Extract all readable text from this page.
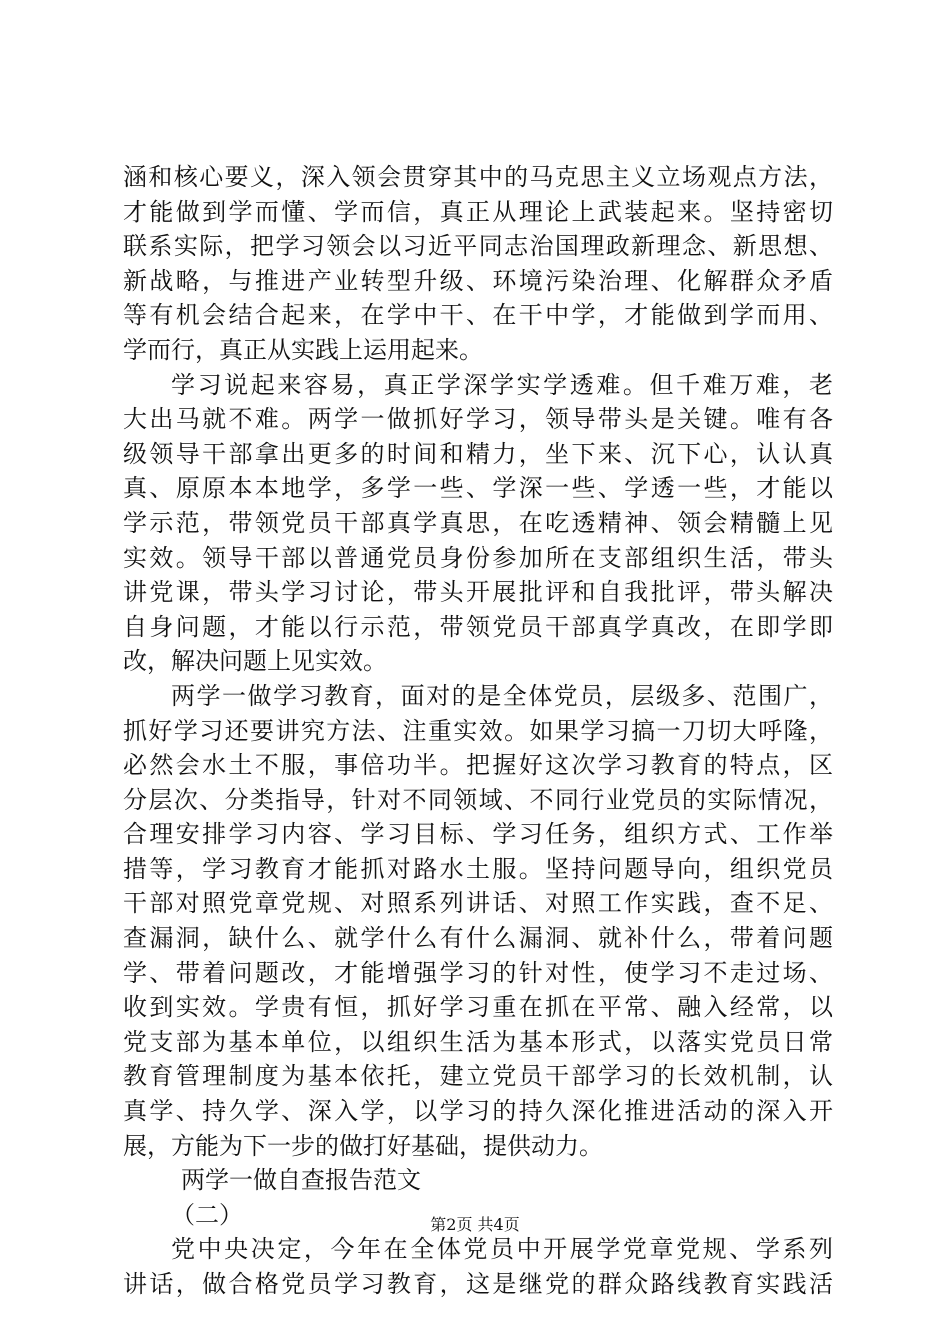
涵和核心要义，深入领会贯穿其中的马克思主义立场观点方法，
才能做到学而懂、学而信，真正从理论上武装起来。坚持密切
联系实际，把学习领会以习近平同志治国理政新理念、新思想、
新战略，与推进产业转型升级、环境污染治理、化解群众矛盾
等有机会结合起来，在学中干、在干中学，才能做到学而用、
学而行，真正从实践上运用起来。
学习说起来容易，真正学深学实学透难。但千难万难，老
大出马就不难。两学一做抓好学习，领导带头是关键。唯有各
级领导干部拿出更多的时间和精力，坐下来、沉下心，认认真
真、原原本本地学，多学一些、学深一些、学透一些，才能以
学示范，带领党员干部真学真思，在吃透精神、领会精髓上见
实效。领导干部以普通党员身份参加所在支部组织生活，带头
讲党课，带头学习讨论，带头开展批评和自我批评，带头解决
自身问题，才能以行示范，带领党员干部真学真改，在即学即
改，解决问题上见实效。
两学一做学习教育，面对的是全体党员，层级多、范围广，
抓好学习还要讲究方法、注重实效。如果学习搞一刀切大呼隆，
必然会水土不服，事倍功半。把握好这次学习教育的特点，区
分层次、分类指导，针对不同领域、不同行业党员的实际情况，
合理安排学习内容、学习目标、学习任务，组织方式、工作举
措等，学习教育才能抓对路水土服。坚持问题导向，组织党员
干部对照党章党规、对照系列讲话、对照工作实践，查不足、
查漏洞，缺什么、就学什么有什么漏洞、就补什么，带着问题
学、带着问题改，才能增强学习的针对性，使学习不走过场、
收到实效。学贵有恒，抓好学习重在抓在平常、融入经常，以
党支部为基本单位，以组织生活为基本形式，以落实党员日常
教育管理制度为基本依托，建立党员干部学习的长效机制，认
真学、持久学、深入学，以学习的持久深化推进活动的深入开
展，方能为下一步的做打好基础，提供动力。
两学一做自查报告范文
（二）
党中央决定，今年在全体党员中开展学党章党规、学系列
讲话，做合格党员学习教育，这是继党的群众路线教育实践活
第2页 共4页
